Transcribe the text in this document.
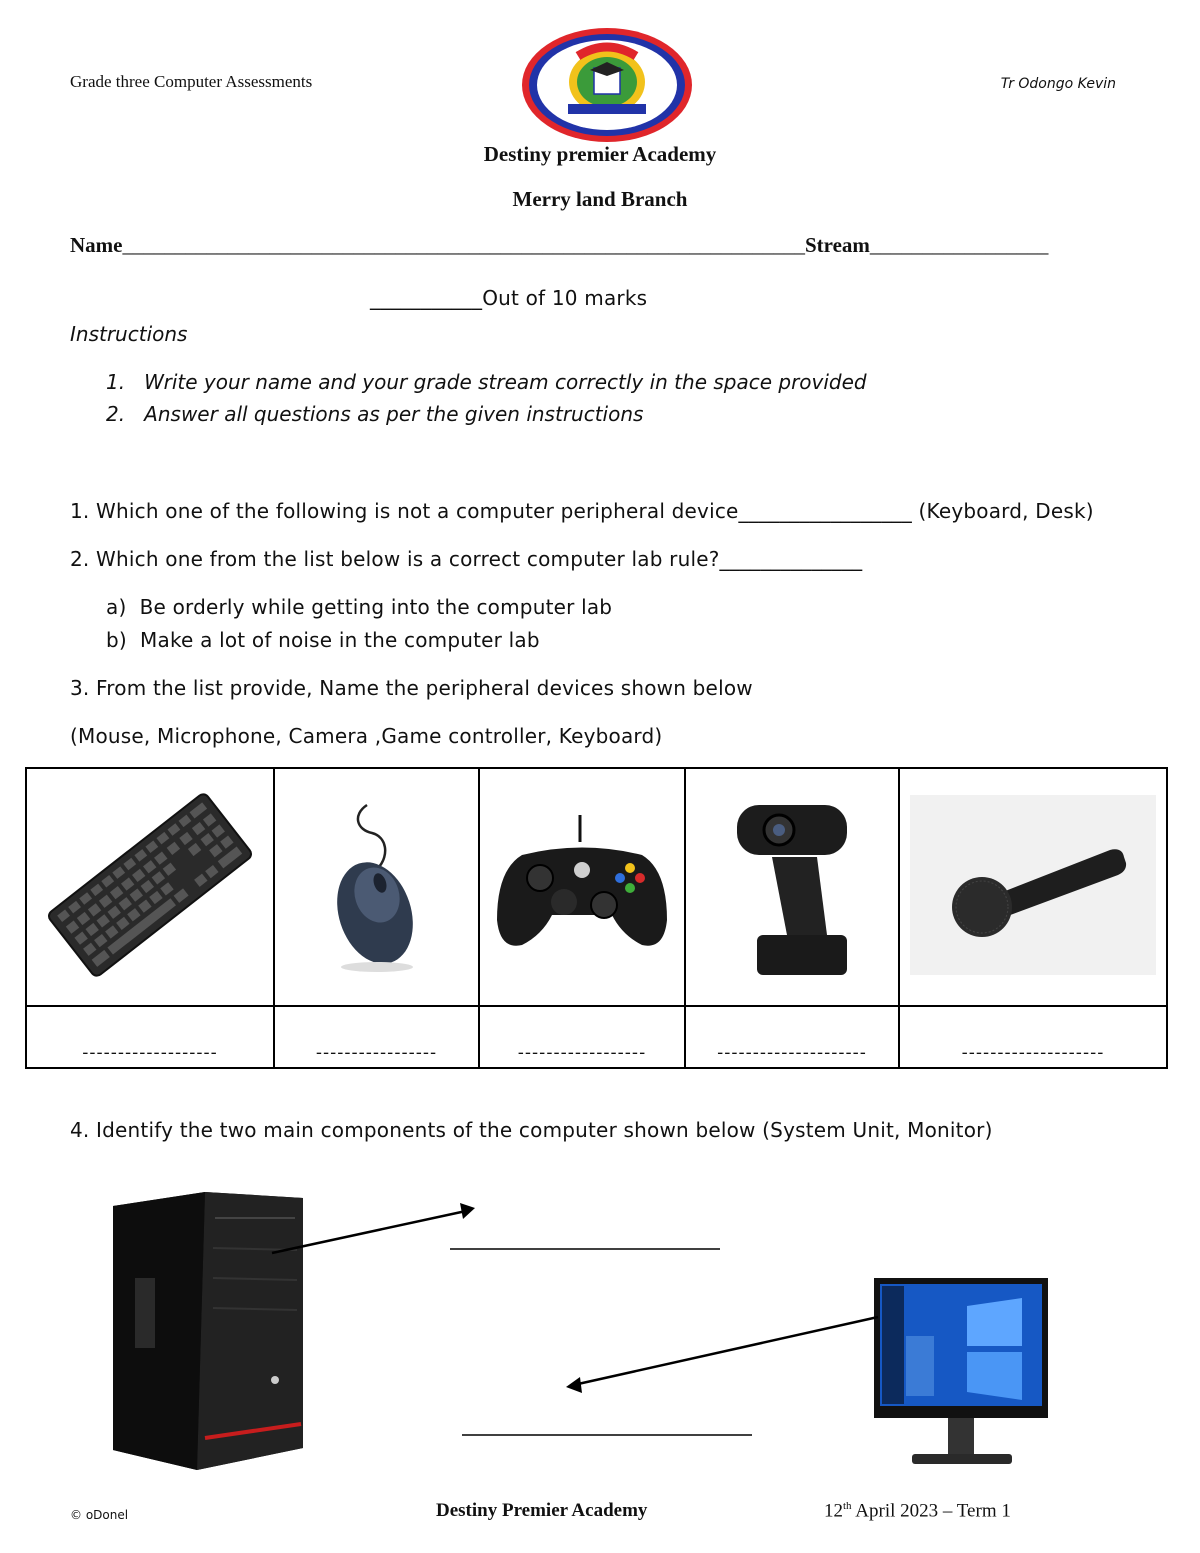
Grade three Computer Assessments	Tr Odongo Kevin
Destiny premier Academy
Merry land Branch
Name_________________________________________________________________Stream_________________
___________Out of 10 marks
Instructions
1. Write your name and your grade stream correctly in the space provided
2. Answer all questions as per the given instructions
1. Which one of the following is not a computer peripheral device_________________ (Keyboard, Desk)
2. Which one from the list below is a correct computer lab rule?______________
a) Be orderly while getting into the computer lab
b) Make a lot of noise in the computer lab
3. From the list provide, Name the peripheral devices shown below
(Mouse, Microphone, Camera ,Game controller, Keyboard)

-------------------	-----------------	------------------	---------------------	--------------------
4. Identify the two main components of the computer shown below (System Unit, Monitor)
© oDonel	Destiny Premier Academy	12th April 2023 – Term 1
